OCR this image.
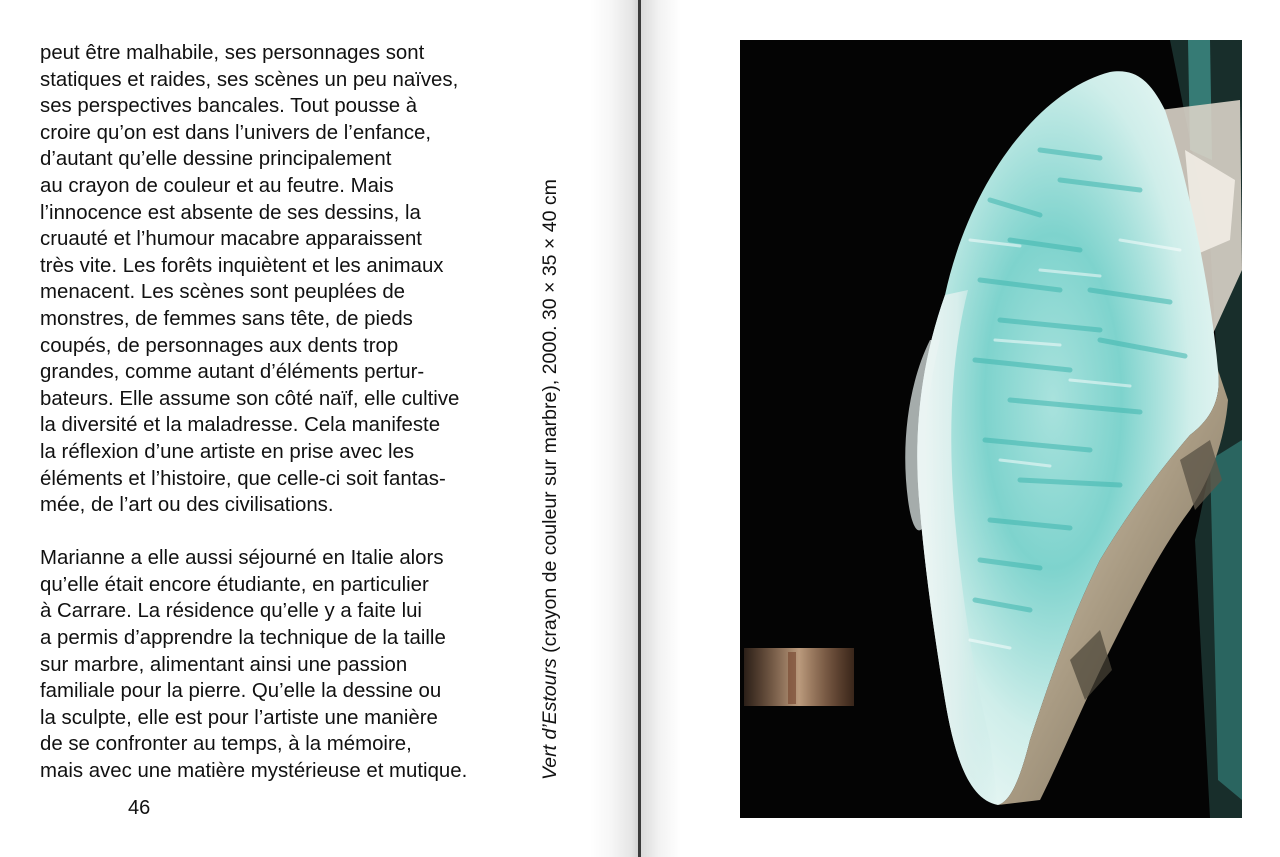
peut être malhabile, ses personnages sont
statiques et raides, ses scènes un peu naïves,
ses perspectives bancales. Tout pousse à
croire qu’on est dans l’univers de l’enfance,
d’autant qu’elle dessine principalement
au crayon de couleur et au feutre. Mais
l’innocence est absente de ses dessins, la
cruauté et l’humour macabre apparaissent
très vite. Les forêts inquiètent et les animaux
menacent. Les scènes sont peuplées de
monstres, de femmes sans tête, de pieds
coupés, de personnages aux dents trop
grandes, comme autant d’éléments pertur-
bateurs. Elle assume son côté naïf, elle cultive
la diversité et la maladresse. Cela manifeste
la réflexion d’une artiste en prise avec les
éléments et l’histoire, que celle-ci soit fantas-
mée, de l’art ou des civilisations.
Marianne a elle aussi séjourné en Italie alors
qu’elle était encore étudiante, en particulier
à Carrare. La résidence qu’elle y a faite lui
a permis d’apprendre la technique de la taille
sur marbre, alimentant ainsi une passion
familiale pour la pierre. Qu’elle la dessine ou
la sculpte, elle est pour l’artiste une manière
de se confronter au temps, à la mémoire,
mais avec une matière mystérieuse et mutique.
46
Vert d’Estours (crayon de couleur sur marbre), 2000. 30 × 35 × 40 cm
